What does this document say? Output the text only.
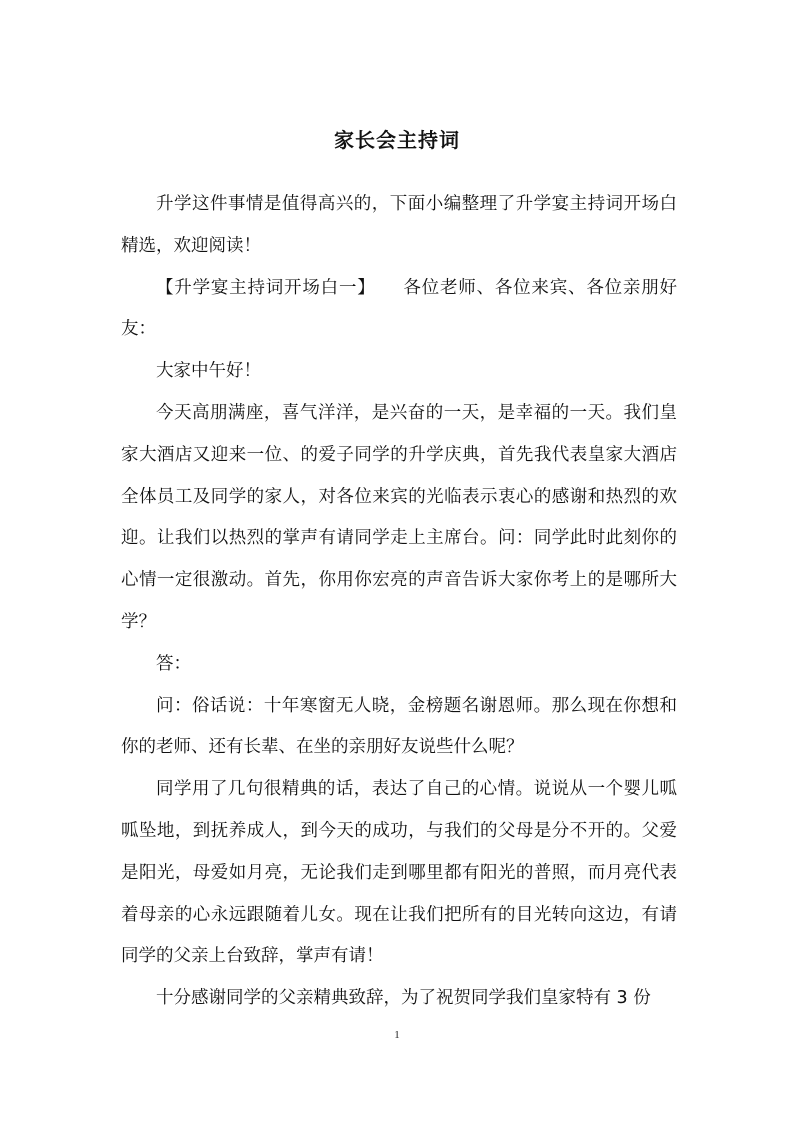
家长会主持词

升学这件事情是值得高兴的，下面小编整理了升学宴主持词开场白精选，欢迎阅读！

【升学宴主持词开场白一】　　各位老师、各位来宾、各位亲朋好友：

大家中午好！

今天高朋满座，喜气洋洋，是兴奋的一天，是幸福的一天。我们皇家大酒店又迎来一位、的爱子同学的升学庆典，首先我代表皇家大酒店全体员工及同学的家人，对各位来宾的光临表示衷心的感谢和热烈的欢迎。让我们以热烈的掌声有请同学走上主席台。问：同学此时此刻你的心情一定很激动。首先，你用你宏亮的声音告诉大家你考上的是哪所大学？

答：

问：俗话说：十年寒窗无人晓，金榜题名谢恩师。那么现在你想和你的老师、还有长辈、在坐的亲朋好友说些什么呢？

同学用了几句很精典的话，表达了自己的心情。说说从一个婴儿呱呱坠地，到抚养成人，到今天的成功，与我们的父母是分不开的。父爱是阳光，母爱如月亮，无论我们走到哪里都有阳光的普照，而月亮代表着母亲的心永远跟随着儿女。现在让我们把所有的目光转向这边，有请同学的父亲上台致辞，掌声有请！

十分感谢同学的父亲精典致辞，为了祝贺同学我们皇家特有 3 份

1
